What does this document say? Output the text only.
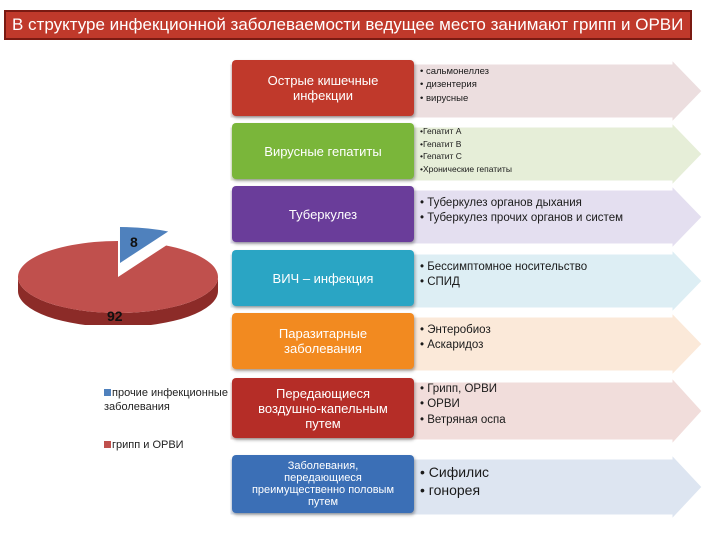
В структуре инфекционной заболеваемости ведущее место занимают грипп и ОРВИ
Острые кишечные
инфекции
• сальмонеллез
• дизентерия
• вирусные
Вирусные гепатиты
•Гепатит А
•Гепатит В
•Гепатит С
•Хронические гепатиты
Туберкулез
• Туберкулез органов дыхания
• Туберкулез прочих органов и систем
ВИЧ – инфекция
• Бессимптомное носительство
• СПИД
Паразитарные
заболевания
• Энтеробиоз
• Аскаридоз
Передающиеся
воздушно-капельным
путем
• Грипп, ОРВИ
• ОРВИ
• Ветряная оспа
Заболевания,
передающиеся
преимущественно половым
путем
• Сифилис
• гонорея
8
92
прочие инфекционные
заболевания
грипп и ОРВИ
